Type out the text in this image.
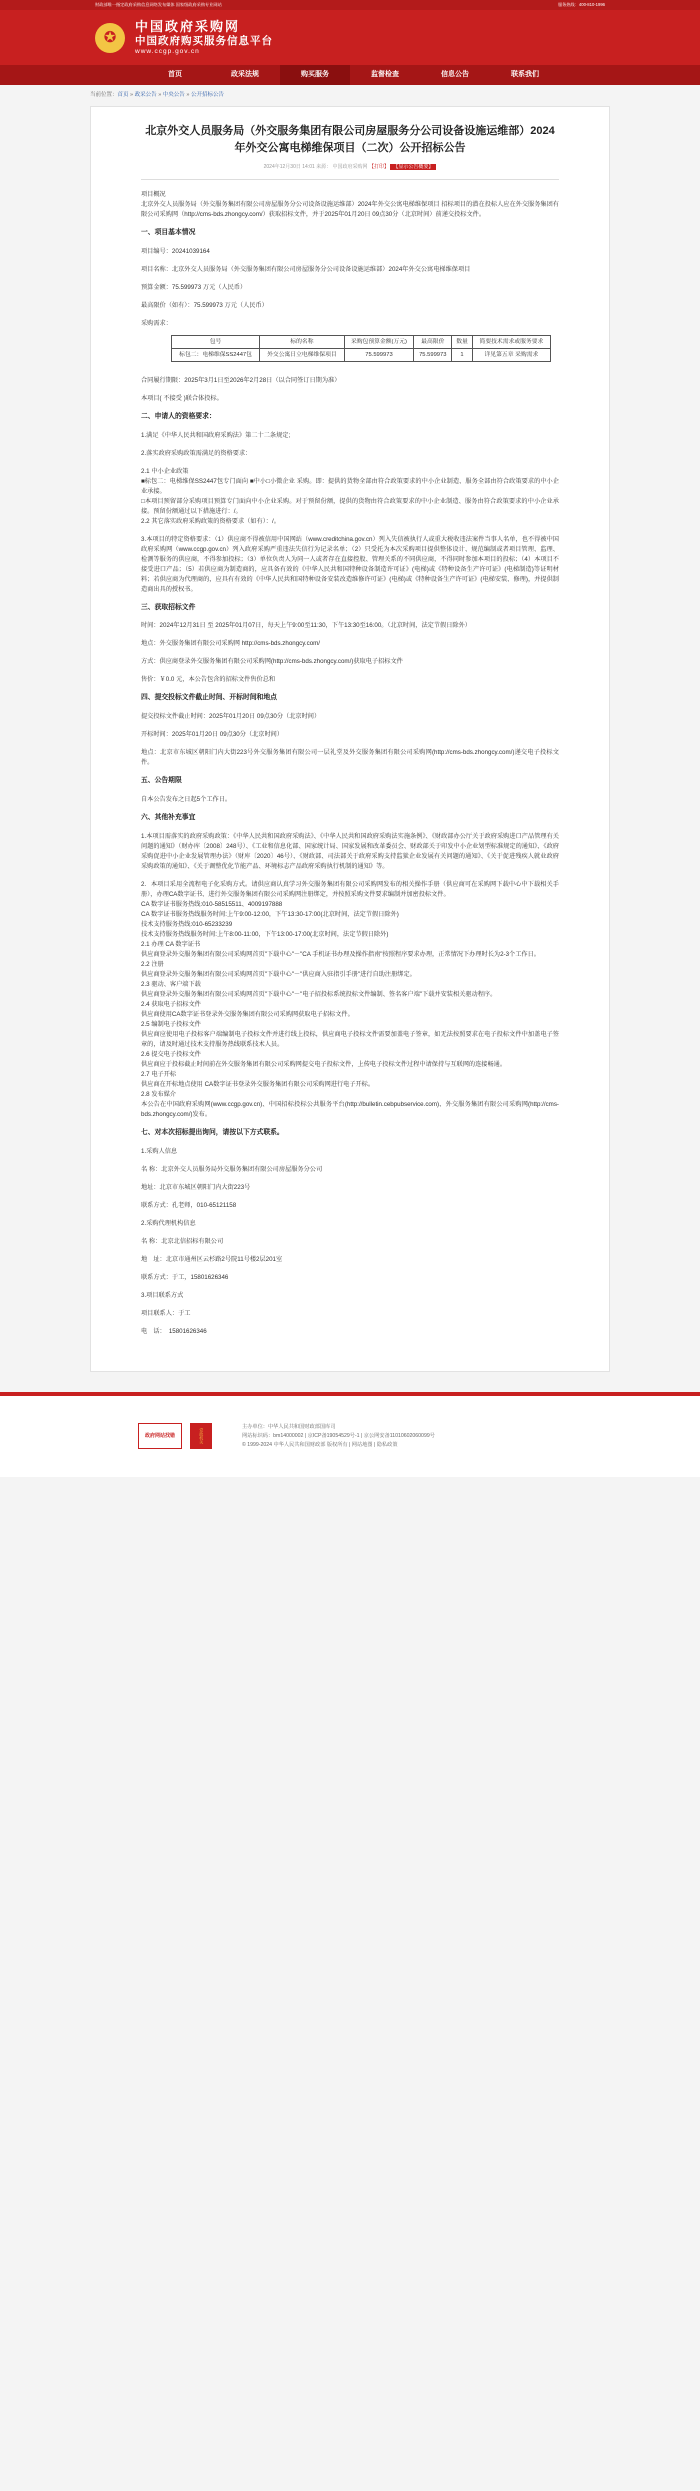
财政部唯一指定政府采购信息网络发布媒体 国家级政府采购专业网站	服务热线：400-810-1996
✪
中国政府采购网
中国政府购买服务信息平台
www.ccgp.gov.cn
首页	政采法规	购买服务	监督检查	信息公告	联系我们
当前位置：首页 » 政采公告 » 中央公告 » 公开招标公告
北京外交人员服务局（外交服务集团有限公司房屋服务分公司设备设施运维部）2024年外交公寓电梯维保项目（二次）公开招标公告
2024年12月30日 14:01 来源： 中国政府采购网 【打印】 【显示公告概要】

项目概况

北京外交人员服务局（外交服务集团有限公司房屋服务分公司设备设施运维部）2024年外交公寓电梯维保项目 招标项目的潜在投标人应在外交服务集团有限公司采购网（http://cms-bds.zhongcy.com/）获取招标文件，并于2025年01月20日 09点30分（北京时间）前递交投标文件。

一、项目基本情况

项目编号：20241039164

项目名称：北京外交人员服务局（外交服务集团有限公司房屋服务分公司设备设施运维部）2024年外交公寓电梯维保项目

预算金额：75.599973 万元（人民币）

最高限价（如有）：75.599973 万元（人民币）

采购需求：

包号	标的名称	采购包预算金额(万元)	最高限价	数量	简要技术需求或服务要求
标包二：电梯维保SS2447包	外交公寓日立电梯维保项目	75.599973	75.599973	1	详见第五章 采购需求

合同履行期限：2025年3月1日至2026年2月28日（以合同签订日期为准）

本项目( 不接受 )联合体投标。

二、申请人的资格要求：

1.满足《中华人民共和国政府采购法》第二十二条规定;

2.落实政府采购政策需满足的资格要求：

2.1 中小企业政策

■标包二：电梯维保SS2447包专门面向 ■中小□小微企业 采购。即：提供的货物全部由符合政策要求的中小企业制造、服务全部由符合政策要求的中小企业承接。

□本项目预留部分采购项目预算专门面向中小企业采购。对于预留份额，提供的货物由符合政策要求的中小企业制造、服务由符合政策要求的中小企业承接。预留份额通过以下措施进行：/。

2.2 其它落实政府采购政策的资格要求（如有）：/。

3.本项目的特定资格要求：（1）供应商不得被信用中国网站（www.creditchina.gov.cn）列入失信被执行人或重大税收违法案件当事人名单，也不得被中国政府采购网（www.ccgp.gov.cn）列入政府采购严重违法失信行为记录名单；（2）只受托为本次采购项目提供整体设计、规范编制或者项目管理、监理、检测等服务的供应商，不得参加投标；（3）单位负责人为同一人或者存在直接控股、管理关系的不同供应商，不得同时参加本项目的投标；（4）本项目不接受进口产品；（5）若供应商为制造商的，应具备有效的《中华人民共和国特种设备制造许可证》(电梯)或《特种设备生产许可证》(电梯制造)等证明材料；若供应商为代理商的，应具有有效的《中华人民共和国特种设备安装改造维修许可证》(电梯)或《特种设备生产许可证》(电梯安装、修理)，并提供制造商出具的授权书。

三、获取招标文件

时间：2024年12月31日 至 2025年01月07日，每天上午9:00至11:30，下午13:30至16:00。（北京时间，法定节假日除外）

地点：外交服务集团有限公司采购网 http://cms-bds.zhongcy.com/

方式：供应商登录外交服务集团有限公司采购网(http://cms-bds.zhongcy.com/)获取电子招标文件

售价：￥0.0 元，本公告包含的招标文件售价总和

四、提交投标文件截止时间、开标时间和地点

提交投标文件截止时间：2025年01月20日 09点30分（北京时间）

开标时间：2025年01月20日 09点30分（北京时间）

地点：北京市东城区朝阳门内大街223号外交服务集团有限公司一层礼堂及外交服务集团有限公司采购网(http://cms-bds.zhongcy.com/)递交电子投标文件。

五、公告期限

自本公告发布之日起5个工作日。

六、其他补充事宜

1.本项目需落实的政府采购政策：《中华人民共和国政府采购法》、《中华人民共和国政府采购法实施条例》、《财政部办公厅关于政府采购进口产品管理有关问题的通知》（财办库〔2008〕248号）、《工业和信息化部、国家统计局、国家发展和改革委员会、财政部关于印发中小企业划型标准规定的通知》、《政府采购促进中小企业发展管理办法》（财库〔2020〕46号）、《财政部、司法部关于政府采购支持监狱企业发展有关问题的通知》、《关于促进残疾人就业政府采购政策的通知》、《关于调整优化节能产品、环境标志产品政府采购执行机制的通知》等。

2．本项目采用全流程电子化采购方式。请供应商认真学习外交服务集团有限公司采购网发布的相关操作手册（供应商可在采购网下载中心中下载相关手册），办理CA数字证书、进行外交服务集团有限公司采购网注册绑定，并按照采购文件要求编制并加密投标文件。

CA 数字证书服务热线:010-58515511、4009197888

CA 数字证书服务热线服务时间:上午9:00-12:00，下午13:30-17:00(北京时间，法定节假日除外)

技术支持服务热线:010-65233239

技术支持服务热线服务时间:上午8:00-11:00，下午13:00-17:00(北京时间，法定节假日除外)

2.1 办理 CA 数字证书

供应商登录外交服务集团有限公司采购网首页"下载中心"－"CA 手机证书办理及操作指南"按照程序要求办理，正常情况下办理时长为2-3个工作日。

2.2 注册

供应商登录外交服务集团有限公司采购网首页"下载中心"－"供应商入驻指引手册"进行自助注册绑定。

2.3 驱动、客户端下载

供应商登录外交服务集团有限公司采购网首页"下载中心"－"电子招投标系统投标文件编制、签名客户端"下载并安装相关驱动程序。

2.4 获取电子招标文件

供应商使用CA数字证书登录外交服务集团有限公司采购网获取电子招标文件。

2.5 编制电子投标文件

供应商应使用电子投标客户端编制电子投标文件并进行线上投标，供应商电子投标文件需要加盖电子签章，如无法按照要求在电子投标文件中加盖电子签章的，请及时通过技术支持服务热线联系技术人员。

2.6 提交电子投标文件

供应商应于投标截止时间前在外交服务集团有限公司采购网提交电子投标文件，上传电子投标文件过程中请保持与互联网的连接畅通。

2.7 电子开标

供应商在开标地点使用 CA数字证书登录外交服务集团有限公司采购网进行电子开标。

2.8 发布媒介

本公告在中国政府采购网(www.ccgp.gov.cn)、中国招标投标公共服务平台(http://bulletin.cebpubservice.com)、外交服务集团有限公司采购网(http://cms-bds.zhongcy.com/)发布。

七、对本次招标提出询问，请按以下方式联系。

1.采购人信息

名 称：北京外交人员服务局外交服务集团有限公司房屋服务分公司

地址：北京市东城区朝阳门内大街223号

联系方式：孔老师，010-65121158

2.采购代理机构信息

名 称：北京北信招标有限公司

地　址：北京市通州区云杉路2号院11号楼2层201室

联系方式：于工，15801626346

3.项目联系方式

项目联系人：于工

电　话：　15801626346

政府网站找错	党政机关

主办单位：中华人民共和国财政部国库司

网站标识码：bm14000002 | 京ICP备19054529号-1 | 京公网安备11010602060099号

© 1999-2024 中华人民共和国财政部 版权所有 | 网站地图 | 隐私政策
